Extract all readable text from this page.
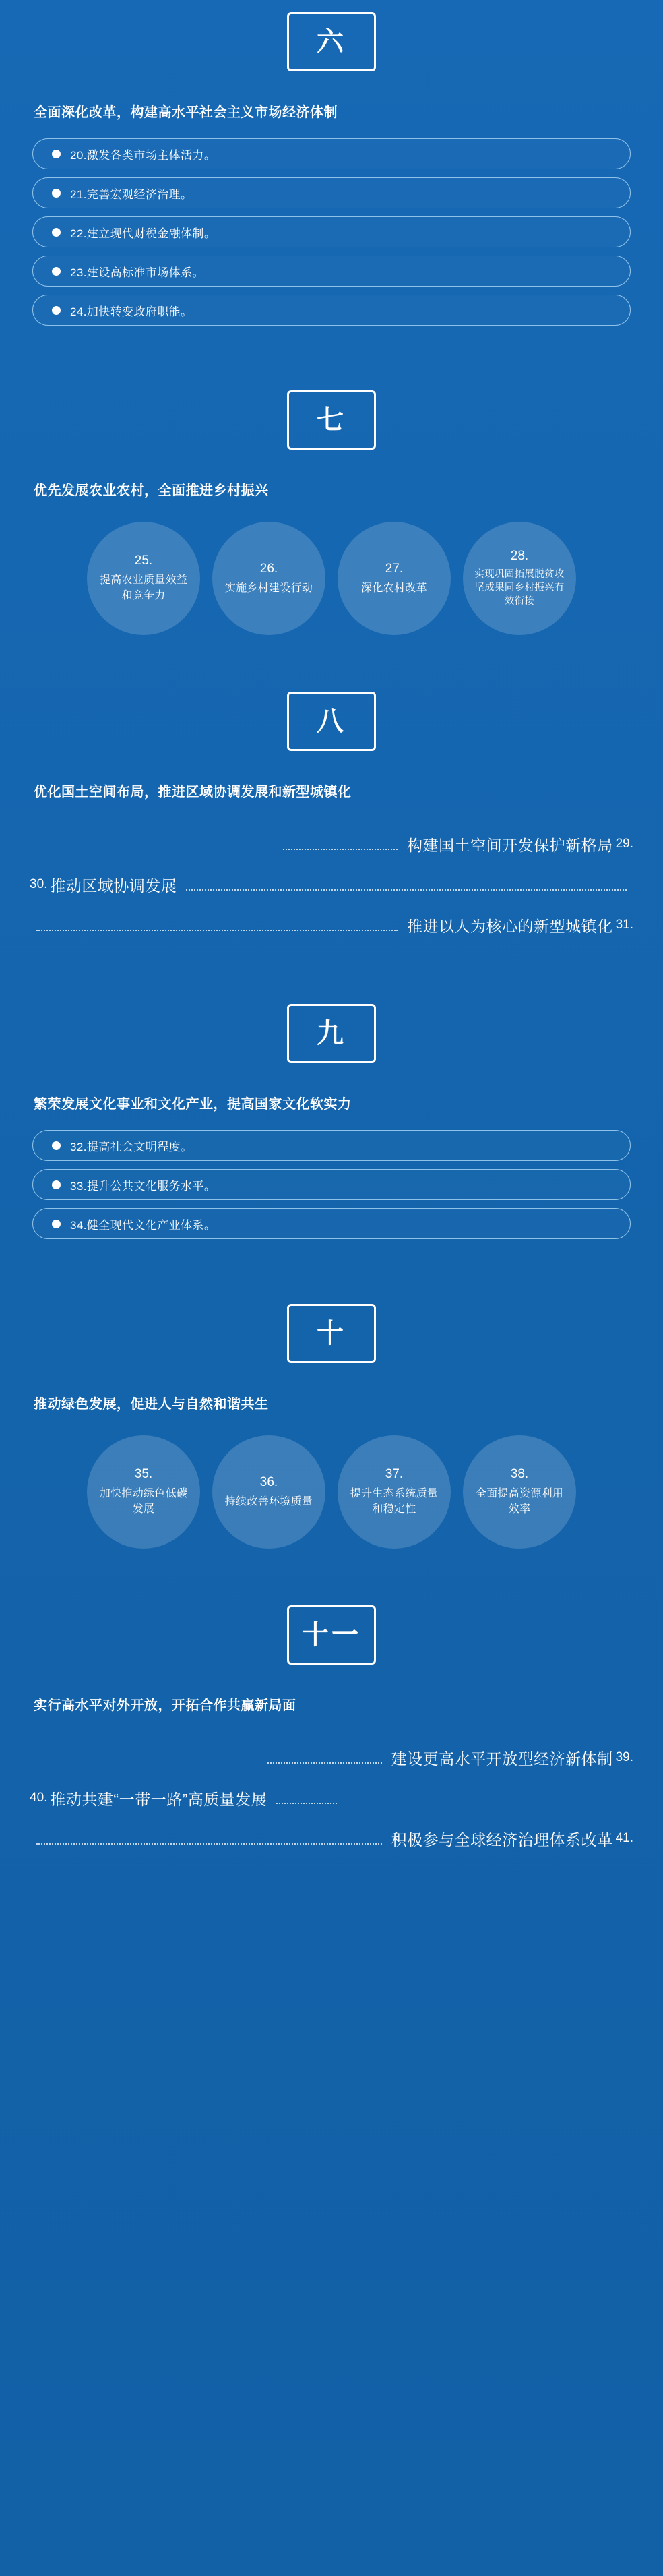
六
全面深化改革，构建高水平社会主义市场经济体制
20.激发各类市场主体活力。
21.完善宏观经济治理。
22.建立现代财税金融体制。
23.建设高标准市场体系。
24.加快转变政府职能。
七
优先发展农业农村，全面推进乡村振兴
25.
提高农业质量效益和竞争力
26.
实施乡村建设行动
27.
深化农村改革
28.
实现巩固拓展脱贫攻坚成果同乡村振兴有效衔接
八
优化国土空间布局，推进区域协调发展和新型城镇化
构建国土空间开发保护新格局 29.
30. 推动区域协调发展
推进以人为核心的新型城镇化 31.
九
繁荣发展文化事业和文化产业，提高国家文化软实力
32.提高社会文明程度。
33.提升公共文化服务水平。
34.健全现代文化产业体系。
十
推动绿色发展，促进人与自然和谐共生
35.
加快推动绿色低碳发展
36.
持续改善环境质量
37.
提升生态系统质量和稳定性
38.
全面提高资源利用效率
十一
实行高水平对外开放，开拓合作共赢新局面
建设更高水平开放型经济新体制 39.
40. 推动共建“一带一路”高质量发展
积极参与全球经济治理体系改革 41.
